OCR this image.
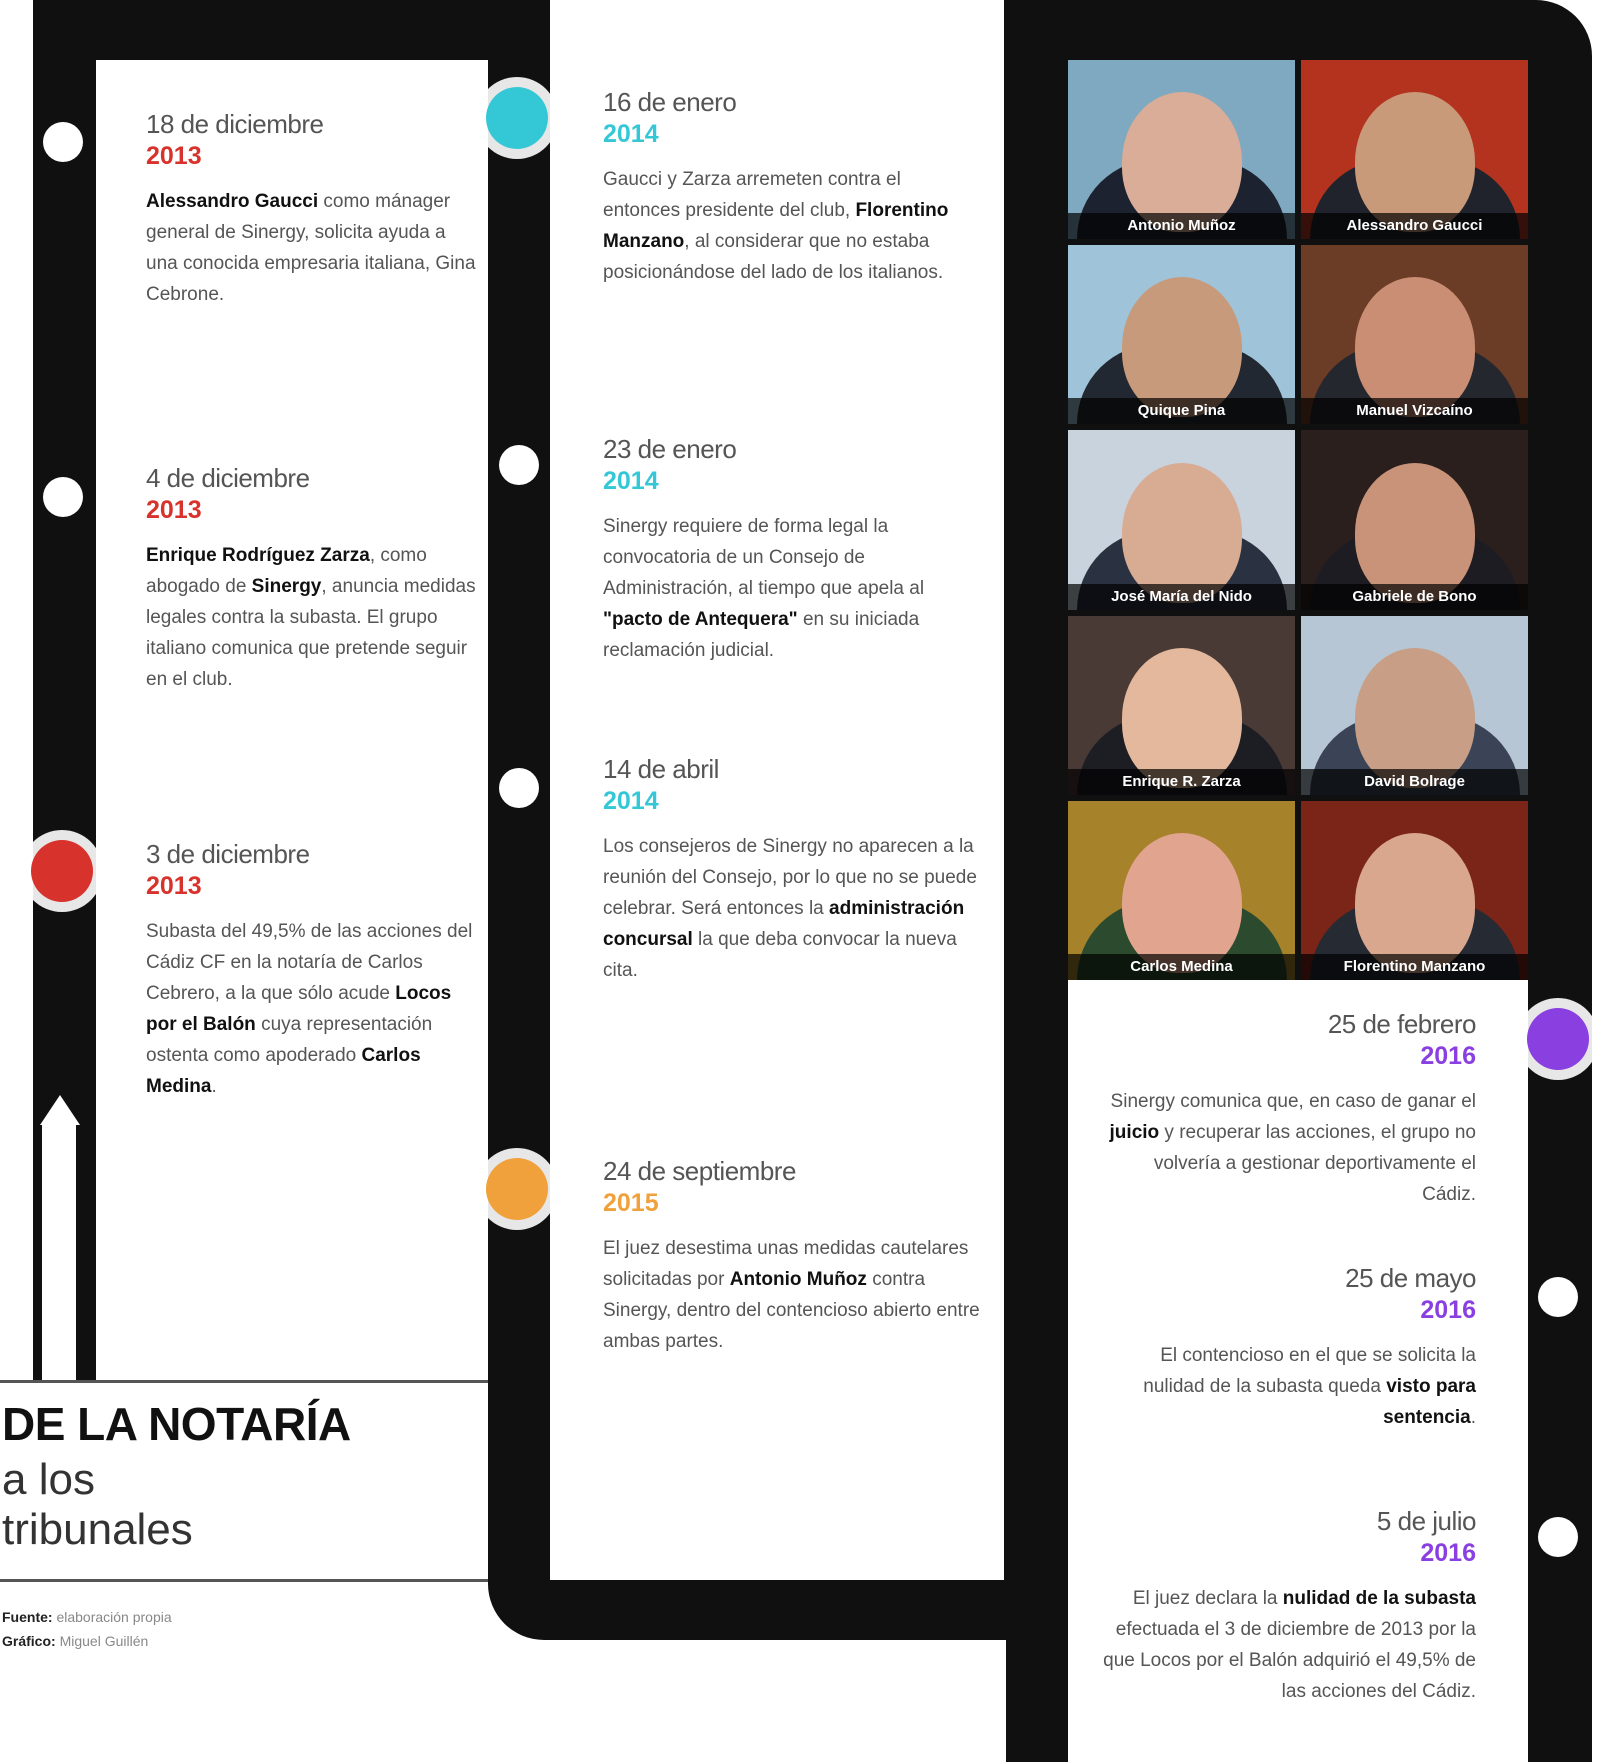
18 de diciembre
2013
Alessandro Gaucci como mánager general de Sinergy, solicita ayuda a una conocida empresaria italiana, Gina Cebrone.
4 de diciembre
2013
Enrique Rodríguez Zarza, como abogado de Sinergy, anuncia medidas legales contra la subasta. El grupo italiano comunica que pretende seguir en el club.
3 de diciembre
2013
Subasta del 49,5% de las acciones del Cádiz CF en la notaría de Carlos Cebrero, a la que sólo acude Locos por el Balón cuya representación ostenta como apoderado Carlos Medina.
16 de enero
2014
Gaucci y Zarza arremeten contra el entonces presidente del club, Florentino Manzano, al considerar que no estaba posicionándose del lado de los italianos.
23 de enero
2014
Sinergy requiere de forma legal la convocatoria de un Consejo de Administración, al tiempo que apela al "pacto de Antequera" en su iniciada reclamación judicial.
14 de abril
2014
Los consejeros de Sinergy no aparecen a la reunión del Consejo, por lo que no se puede celebrar. Será entonces la administración concursal la que deba convocar la nueva cita.
24 de septiembre
2015
El juez desestima unas medidas cautelares solicitadas por Antonio Muñoz contra Sinergy, dentro del contencioso abierto entre ambas partes.
Antonio Muñoz	Alessandro Gaucci
Quique Pina	Manuel Vizcaíno
José María del Nido	Gabriele de Bono
Enrique R. Zarza	David Bolrage
Carlos Medina	Florentino Manzano
25 de febrero
2016
Sinergy comunica que, en caso de ganar el juicio y recuperar las acciones, el grupo no volvería a gestionar deportivamente el Cádiz.
25 de mayo
2016
El contencioso en el que se solicita la nulidad de la subasta queda visto para sentencia.
5 de julio
2016
El juez declara la nulidad de la subasta efectuada el 3 de diciembre de 2013 por la que Locos por el Balón adquirió el 49,5% de las acciones del Cádiz.
DE LA NOTARÍA
a los
tribunales
Fuente: elaboración propia
Gráfico: Miguel Guillén
